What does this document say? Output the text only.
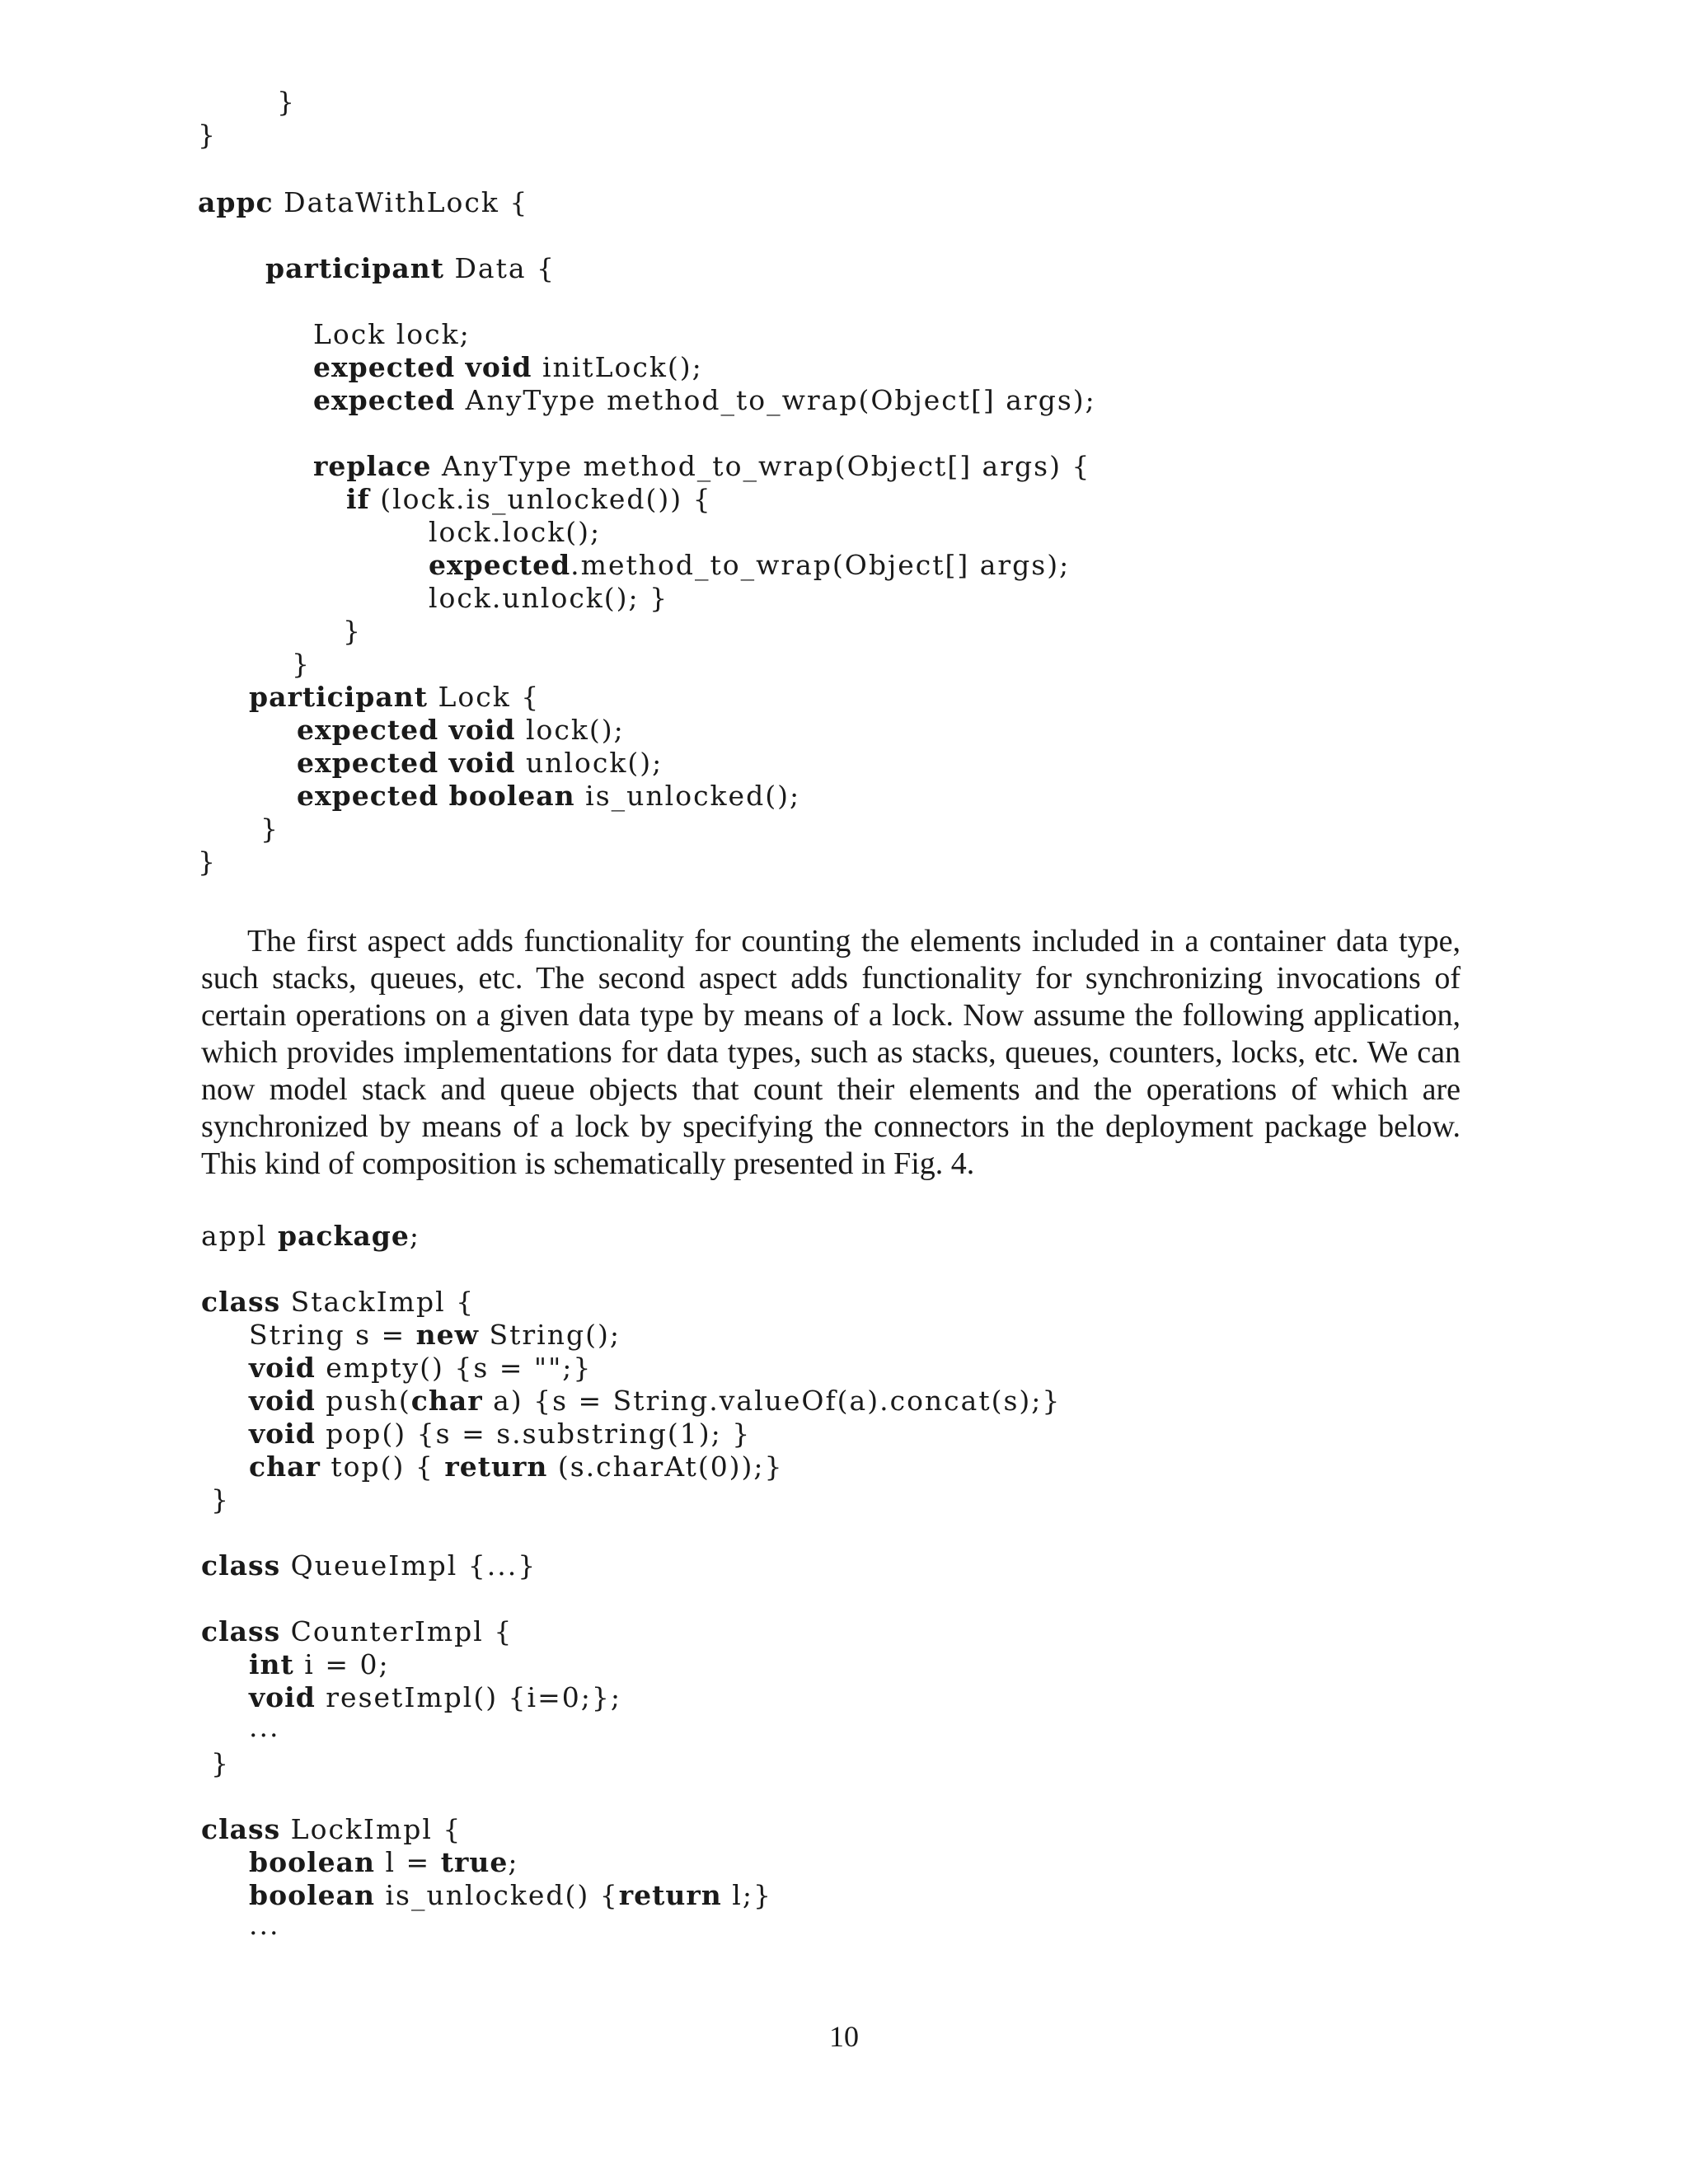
}

}

appc DataWithLock {

participant Data {

Lock lock;

expected void initLock();

expected AnyType method_to_wrap(Object[] args);

replace AnyType method_to_wrap(Object[] args) {

if (lock.is_unlocked()) {

lock.lock();

expected.method_to_wrap(Object[] args);

lock.unlock(); }

}

}

participant Lock {

expected void lock();

expected void unlock();

expected boolean is_unlocked();

}

}

The first aspect adds functionality for counting the elements included in a container data type, such stacks, queues, etc. The second aspect adds functionality for synchronizing invocations of certain operations on a given data type by means of a lock. Now assume the following application, which provides implementations for data types, such as stacks, queues, counters, locks, etc. We can now model stack and queue objects that count their elements and the operations of which are synchronized by means of a lock by specifying the connectors in the deployment package below. This kind of composition is schematically presented in Fig. 4.

appl package;

class StackImpl {

String s = new String();

void empty() {s = "";}

void push(char a) {s = String.valueOf(a).concat(s);}

void pop() {s = s.substring(1); }

char top() { return (s.charAt(0));}

}

class QueueImpl {...}

class CounterImpl {

int i = 0;

void resetImpl() {i=0;};

...

}

class LockImpl {

boolean l = true;

boolean is_unlocked() {return l;}

...

10
